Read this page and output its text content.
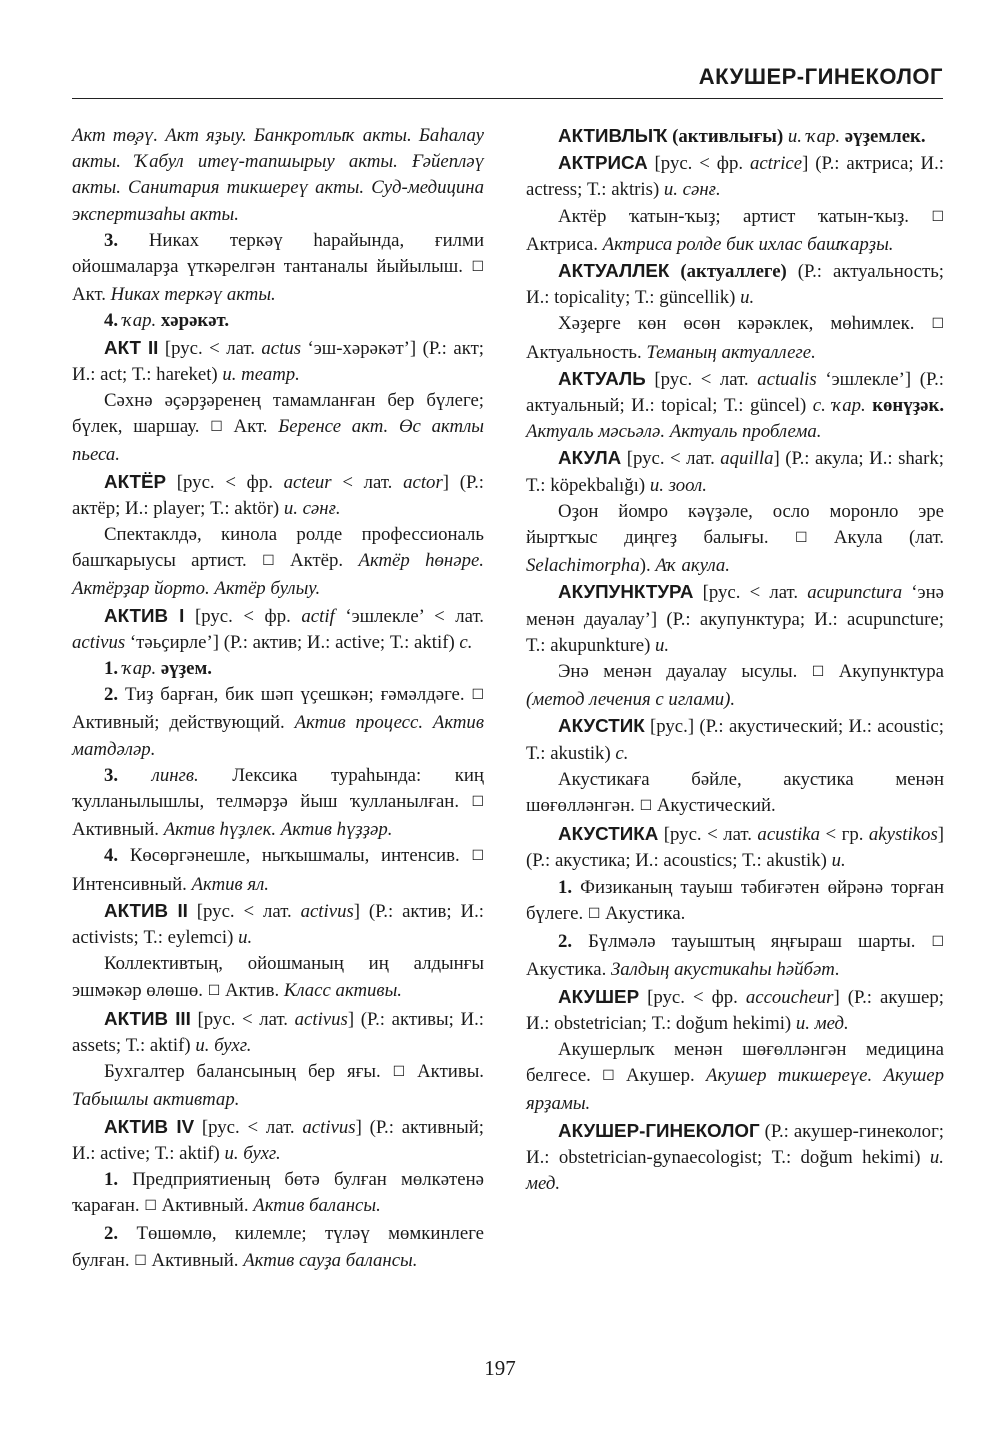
АКУШЕР-ГИНЕКОЛОГ

Акт тө̧әү. Акт яҙыу. Банкротлыҡ акты. Баһалау акты. Ҡабул итеү-тапшырыу акты. Ғәйепләү акты. Санитария тикшереү акты. Суд-медицина экспертизаһы акты.

3. Никах теркәү һарайында, ғилми ойошмаларҙа үткәрелгән тантаналы йыйылыш. ☐ Акт. Никах теркәү акты.

4. ҡар. хәрәкәт.

АКТ II [рус. < лат. actus ‘эш-хәрәкәт’] (Р.: акт; И.: act; Т.: hareket) и. театр.

Сәхнә әҫәрҙәренең тамамланған бер бүлеге; бүлек, шаршау. ☐ Акт. Беренсе акт. Өс актлы пьеса.

АКТЁР [рус. < фр. acteur < лат. actor] (Р.: актёр; И.: player; Т.: aktör) и. сәнғ.

Спектаклдә, кинола ролде профессиональ башҡарыусы артист. ☐ Актёр. Актёр һөнәре. Актёрҙар йорто. Актёр булыу.

АКТИВ I [рус. < фр. actif ‘эшлекле’ < лат. activus ‘тәьҫирле’] (Р.: актив; И.: active; Т.: aktif) с.

1. ҡар. әүҙем.

2. Тиҙ барған, бик шәп үҫешкән; ғәмәлдәге. ☐ Активный; действующий. Актив процесс. Актив матдәләр.

3. лингв. Лексика тураһында: киң ҡулланылышлы, телмәрҙә йыш ҡулланылған. ☐ Активный. Актив һүҙлек. Актив һүҙҙәр.

4. Көсөргәнешле, ныҡышмалы, интенсив. ☐ Интенсивный. Актив ял.

АКТИВ II [рус. < лат. activus] (Р.: актив; И.: activists; Т.: eylemci) и.

Коллективтың, ойошманың иң алдынғы эшмәкәр өлөшө. ☐ Актив. Класс активы.

АКТИВ III [рус. < лат. activus] (Р.: активы; И.: assets; Т.: aktif) и. бухг.

Бухгалтер балансының бер яғы. ☐ Активы. Табышлы активтар.

АКТИВ IV [рус. < лат. activus] (Р.: активный; И.: active; Т.: aktif) и. бухг.

1. Предприятиеның бөтә булған мөлкәтенә ҡараған. ☐ Активный. Актив балансы.

2. Төшөмлө, килемле; түләү мөмкинлеге булған. ☐ Активный. Актив сауҙа балансы.

АКТИВЛЫҠ (активлығы) и. ҡар. әүҙемлек.

АКТРИСА [рус. < фр. actrice] (Р.: актриса; И.: actress; Т.: aktris) и. сәнғ.

Актёр ҡатын-ҡыҙ; артист ҡатын-ҡыҙ. ☐ Актриса. Актриса ролде бик ихлас башҡарҙы.

АКТУАЛЛЕК (актуаллеге) (Р.: актуальность; И.: topicality; Т.: güncellik) и.

Хәҙерге көн өсөн кәрәклек, мөһимлек. ☐ Актуальность. Теманың актуаллеге.

АКТУАЛЬ [рус. < лат. actualis ‘эшлекле’] (Р.: актуальный; И.: topical; Т.: güncel) с. ҡар. көнүҙәк. Актуаль мәсьәлә. Актуаль проблема.

АКУЛА [рус. < лат. aquilla] (Р.: акула; И.: shark; Т.: köpekbalığı) и. зоол.

Оҙон йомро кәүҙәле, осло моронло эре йыртҡыс диңгеҙ балығы. ☐ Акула (лат. Selachimorpha). Аҡ акула.

АКУПУНКТУРА [рус. < лат. acupunctura ‘энә менән дауалау’] (Р.: акупунктура; И.: acupuncture; Т.: akupunkture) и.

Энә менән дауалау ысулы. ☐ Акупунктура (метод лечения с иглами).

АКУСТИК [рус.] (Р.: акустический; И.: acoustic; Т.: akustik) с.

Акустикаға бәйле, акустика менән шөғөлләнгән. ☐ Акустический.

АКУСТИКА [рус. < лат. acustika < гр. akystikos] (Р.: акустика; И.: acoustics; Т.: akustik) и.

1. Физиканың тауыш тәбиғәтен өйрәнә торған бүлеге. ☐ Акустика.

2. Бүлмәлә тауыштың яңғыраш шарты. ☐ Акустика. Залдың акустикаһы һәйбәт.

АКУШЕР [рус. < фр. accoucheur] (Р.: акушер; И.: obstetrician; Т.: doğum hekimi) и. мед.

Акушерлыҡ менән шөғөлләнгән медицина белгесе. ☐ Акушер. Акушер тикшереүе. Акушер ярҙамы.

АКУШЕР-ГИНЕКОЛОГ (Р.: акушер-гинеколог; И.: obstetrician-gynaecologist; Т.: doğum hekimi) и. мед.

197
